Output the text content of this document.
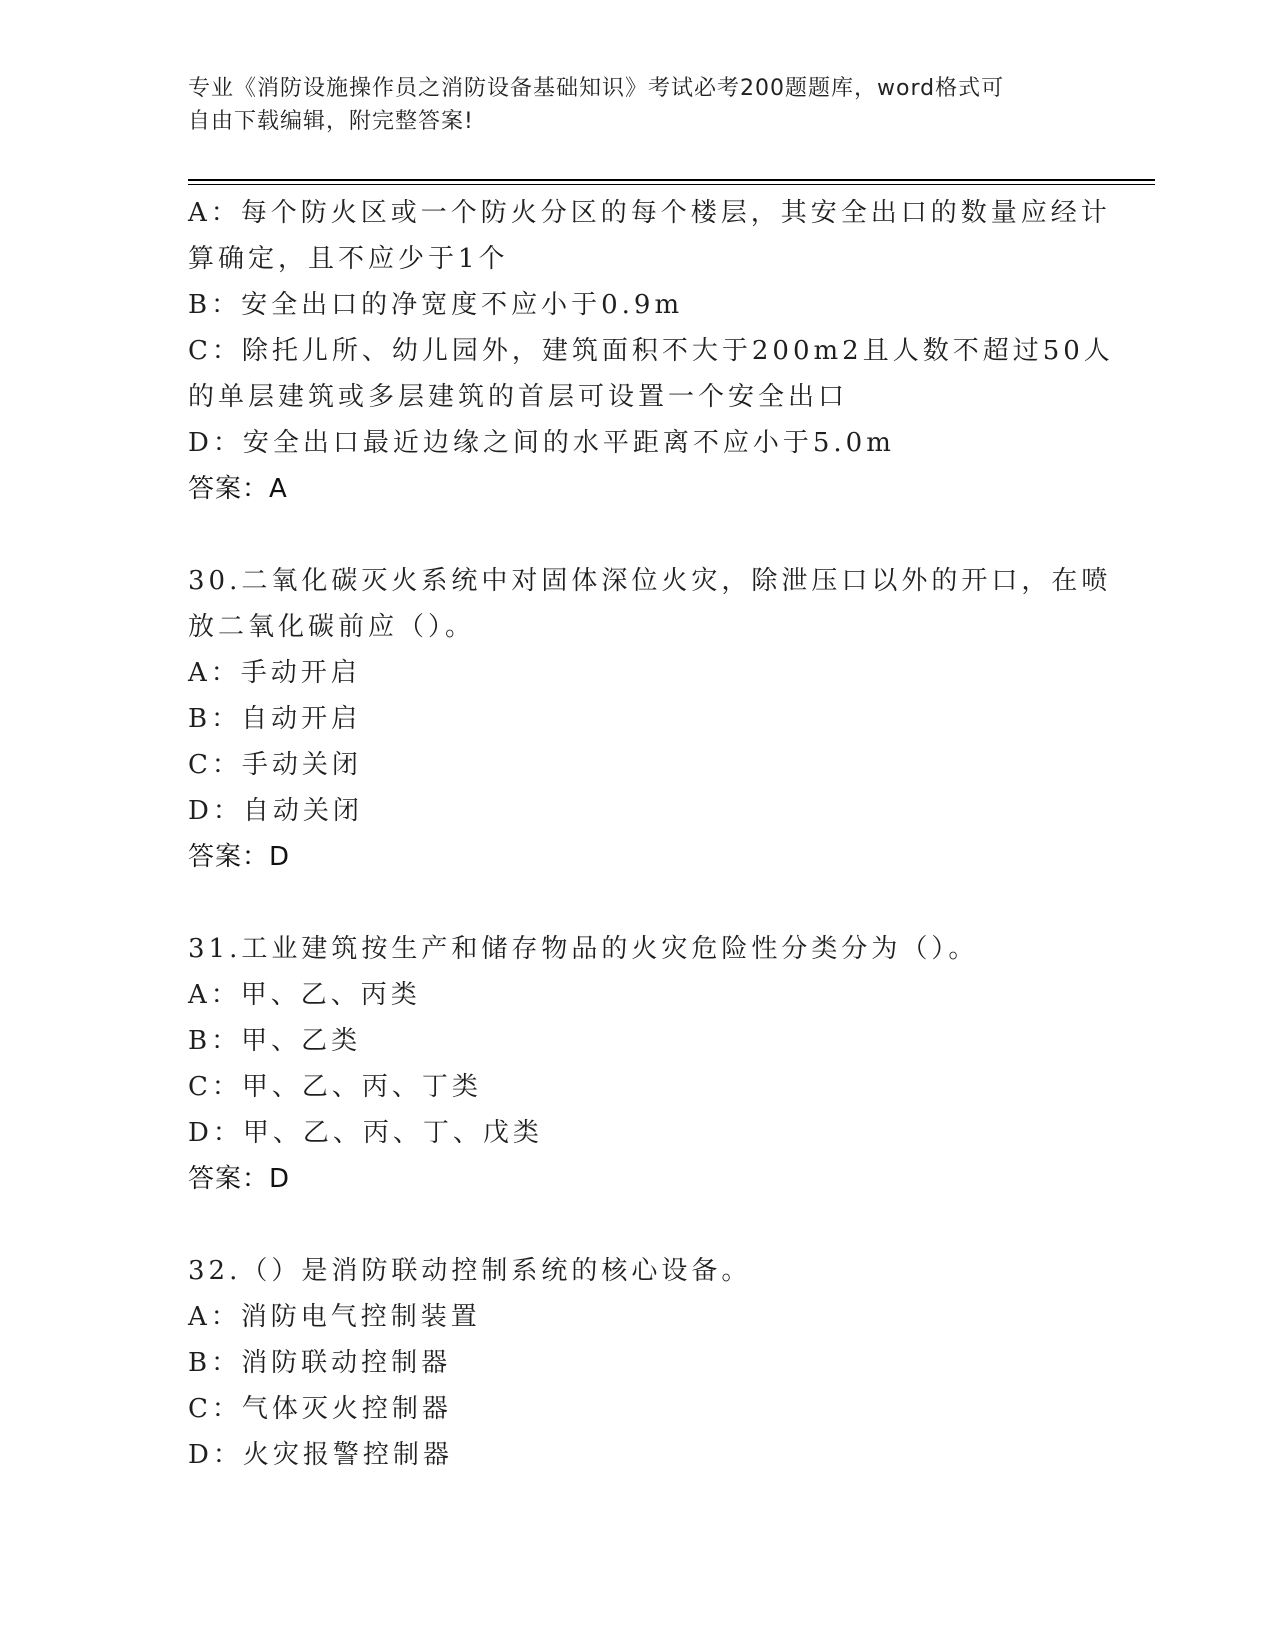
专业《消防设施操作员之消防设备基础知识》考试必考200题题库，word格式可
自由下载编辑，附完整答案!
A：每个防火区或一个防火分区的每个楼层，其安全出口的数量应经计
算确定，且不应少于1个
B：安全出口的净宽度不应小于0.9m
C：除托儿所、幼儿园外，建筑面积不大于200m2且人数不超过50人
的单层建筑或多层建筑的首层可设置一个安全出口
D：安全出口最近边缘之间的水平距离不应小于5.0m
答案：A
30.二氧化碳灭火系统中对固体深位火灾，除泄压口以外的开口，在喷
放二氧化碳前应（）。
A：手动开启
B：自动开启
C：手动关闭
D：自动关闭
答案：D
31.工业建筑按生产和储存物品的火灾危险性分类分为（）。
A：甲、乙、丙类
B：甲、乙类
C：甲、乙、丙、丁类
D：甲、乙、丙、丁、戊类
答案：D
32.（）是消防联动控制系统的核心设备。
A：消防电气控制装置
B：消防联动控制器
C：气体灭火控制器
D：火灾报警控制器
